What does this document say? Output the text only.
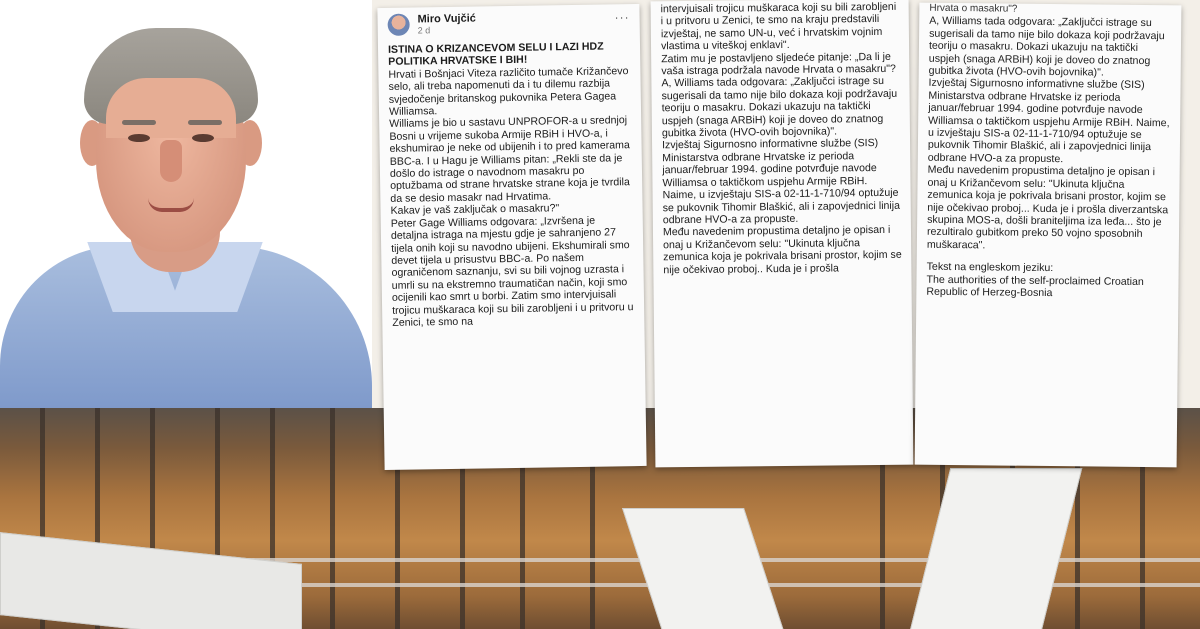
Miro Vujčić
2 d
···

ISTINA O KRIZANCEVOM SELU I LAZI HDZ POLITIKA HRVATSKE I BIH!

Hrvati i Bošnjaci Viteza različito tumače Križančevo selo, ali treba napomenuti da i tu dilemu razbija svjedočenje britanskog pukovnika Petera Gagea Williamsa.

Williams je bio u sastavu UNPROFOR-a u srednjoj Bosni u vrijeme sukoba Armije RBiH i HVO-a, i ekshumirao je neke od ubijenih i to pred kamerama BBC-a. I u Hagu je Williams pitan: „Rekli ste da je došlo do istrage o navodnom masakru po optužbama od strane hrvatske strane koja je tvrdila da se desio masakr nad Hrvatima.

Kakav je vaš zaključak o masakru?"

Peter Gage Williams odgovara: „Izvršena je detaljna istraga na mjestu gdje je sahranjeno 27 tijela onih koji su navodno ubijeni. Ekshumirali smo devet tijela u prisustvu BBC-a. Po našem ograničenom saznanju, svi su bili vojnog uzrasta i umrli su na ekstremno traumatičan način, koji smo ocijenili kao smrt u borbi. Zatim smo intervjuisali trojicu muškaraca koji su bili zarobljeni i u pritvoru u Zenici, te smo na

intervjuisali trojicu muškaraca koji su bili zarobljeni i u pritvoru u Zenici, te smo na kraju predstavili izvještaj, ne samo UN-u, već i hrvatskim vojnim vlastima u viteškoj enklavi".

Zatim mu je postavljeno sljedeće pitanje: „Da li je vaša istraga podržala navode Hrvata o masakru"?

A, Williams tada odgovara: „Zaključci istrage su sugerisali da tamo nije bilo dokaza koji podržavaju teoriju o masakru. Dokazi ukazuju na taktički uspjeh (snaga ARBiH) koji je doveo do znatnog gubitka života (HVO-ovih bojovnika)".

Izvještaj Sigurnosno informativne službe (SIS) Ministarstva odbrane Hrvatske iz perioda januar/februar 1994. godine potvrđuje navode Williamsa o taktičkom uspjehu Armije RBiH. Naime, u izvještaju SIS-a 02-11-1-710/94 optužuje se pukovnik Tihomir Blaškić, ali i zapovjednici linija odbrane HVO-a za propuste.

Među navedenim propustima detaljno je opisan i onaj u Križančevom selu: "Ukinuta ključna zemunica koja je pokrivala brisani prostor, kojim se nije očekivao proboj.. Kuda je i prošla

Hrvata o masakru"?

A, Williams tada odgovara: „Zaključci istrage su sugerisali da tamo nije bilo dokaza koji podržavaju teoriju o masakru. Dokazi ukazuju na taktički uspjeh (snaga ARBiH) koji je doveo do znatnog gubitka života (HVO-ovih bojovnika)".

Izvještaj Sigurnosno informativne službe (SIS) Ministarstva odbrane Hrvatske iz perioda januar/februar 1994. godine potvrđuje navode Williamsa o taktičkom uspjehu Armije RBiH. Naime, u izvještaju SIS-a 02-11-1-710/94 optužuje se pukovnik Tihomir Blaškić, ali i zapovjednici linija odbrane HVO-a za propuste.

Među navedenim propustima detaljno je opisan i onaj u Križančevom selu: "Ukinuta ključna zemunica koja je pokrivala brisani prostor, kojim se nije očekivao proboj... Kuda je i prošla diverzantska skupina MOS-a, došli braniteljima iza leđa... što je rezultiralo gubitkom preko 50 vojno sposobnih muškaraca".

Tekst na engleskom jeziku:

The authorities of the self-proclaimed Croatian Republic of Herzeg-Bosnia
